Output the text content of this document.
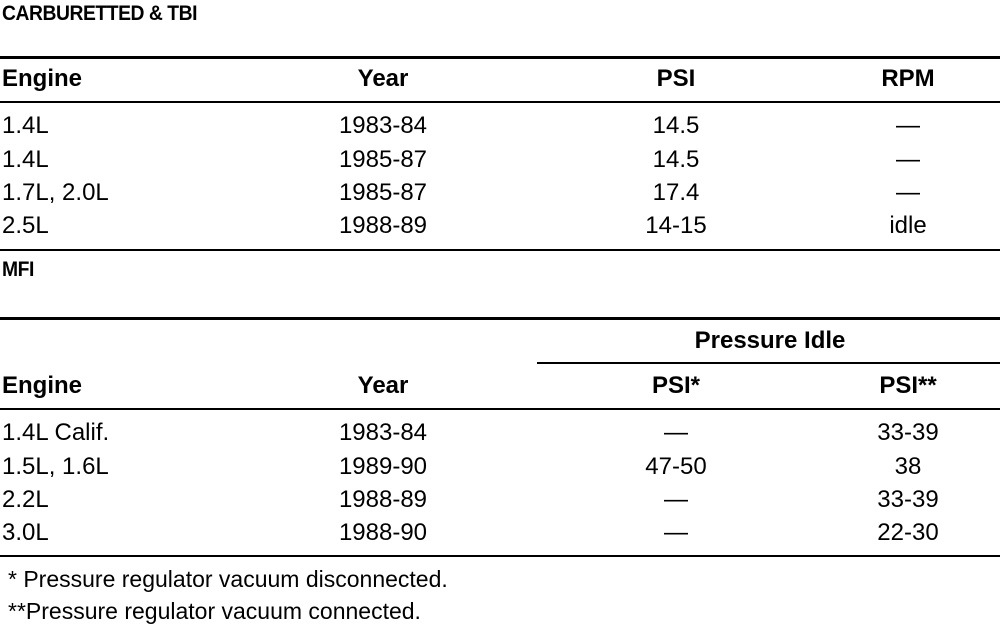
CARBURETTED & TBI
Engine	Year	PSI	RPM
1.4L	1983-84	14.5	—
1.4L	1985-87	14.5	—
1.7L, 2.0L	1985-87	17.4	—
2.5L	1988-89	14-15	idle
MFI
Pressure Idle
Engine	Year	PSI*	PSI**
1.4L Calif.	1983-84	—	33-39
1.5L, 1.6L	1989-90	47-50	38
2.2L	1988-89	—	33-39
3.0L	1988-90	—	22-30
* Pressure regulator vacuum disconnected.
**Pressure regulator vacuum connected.
